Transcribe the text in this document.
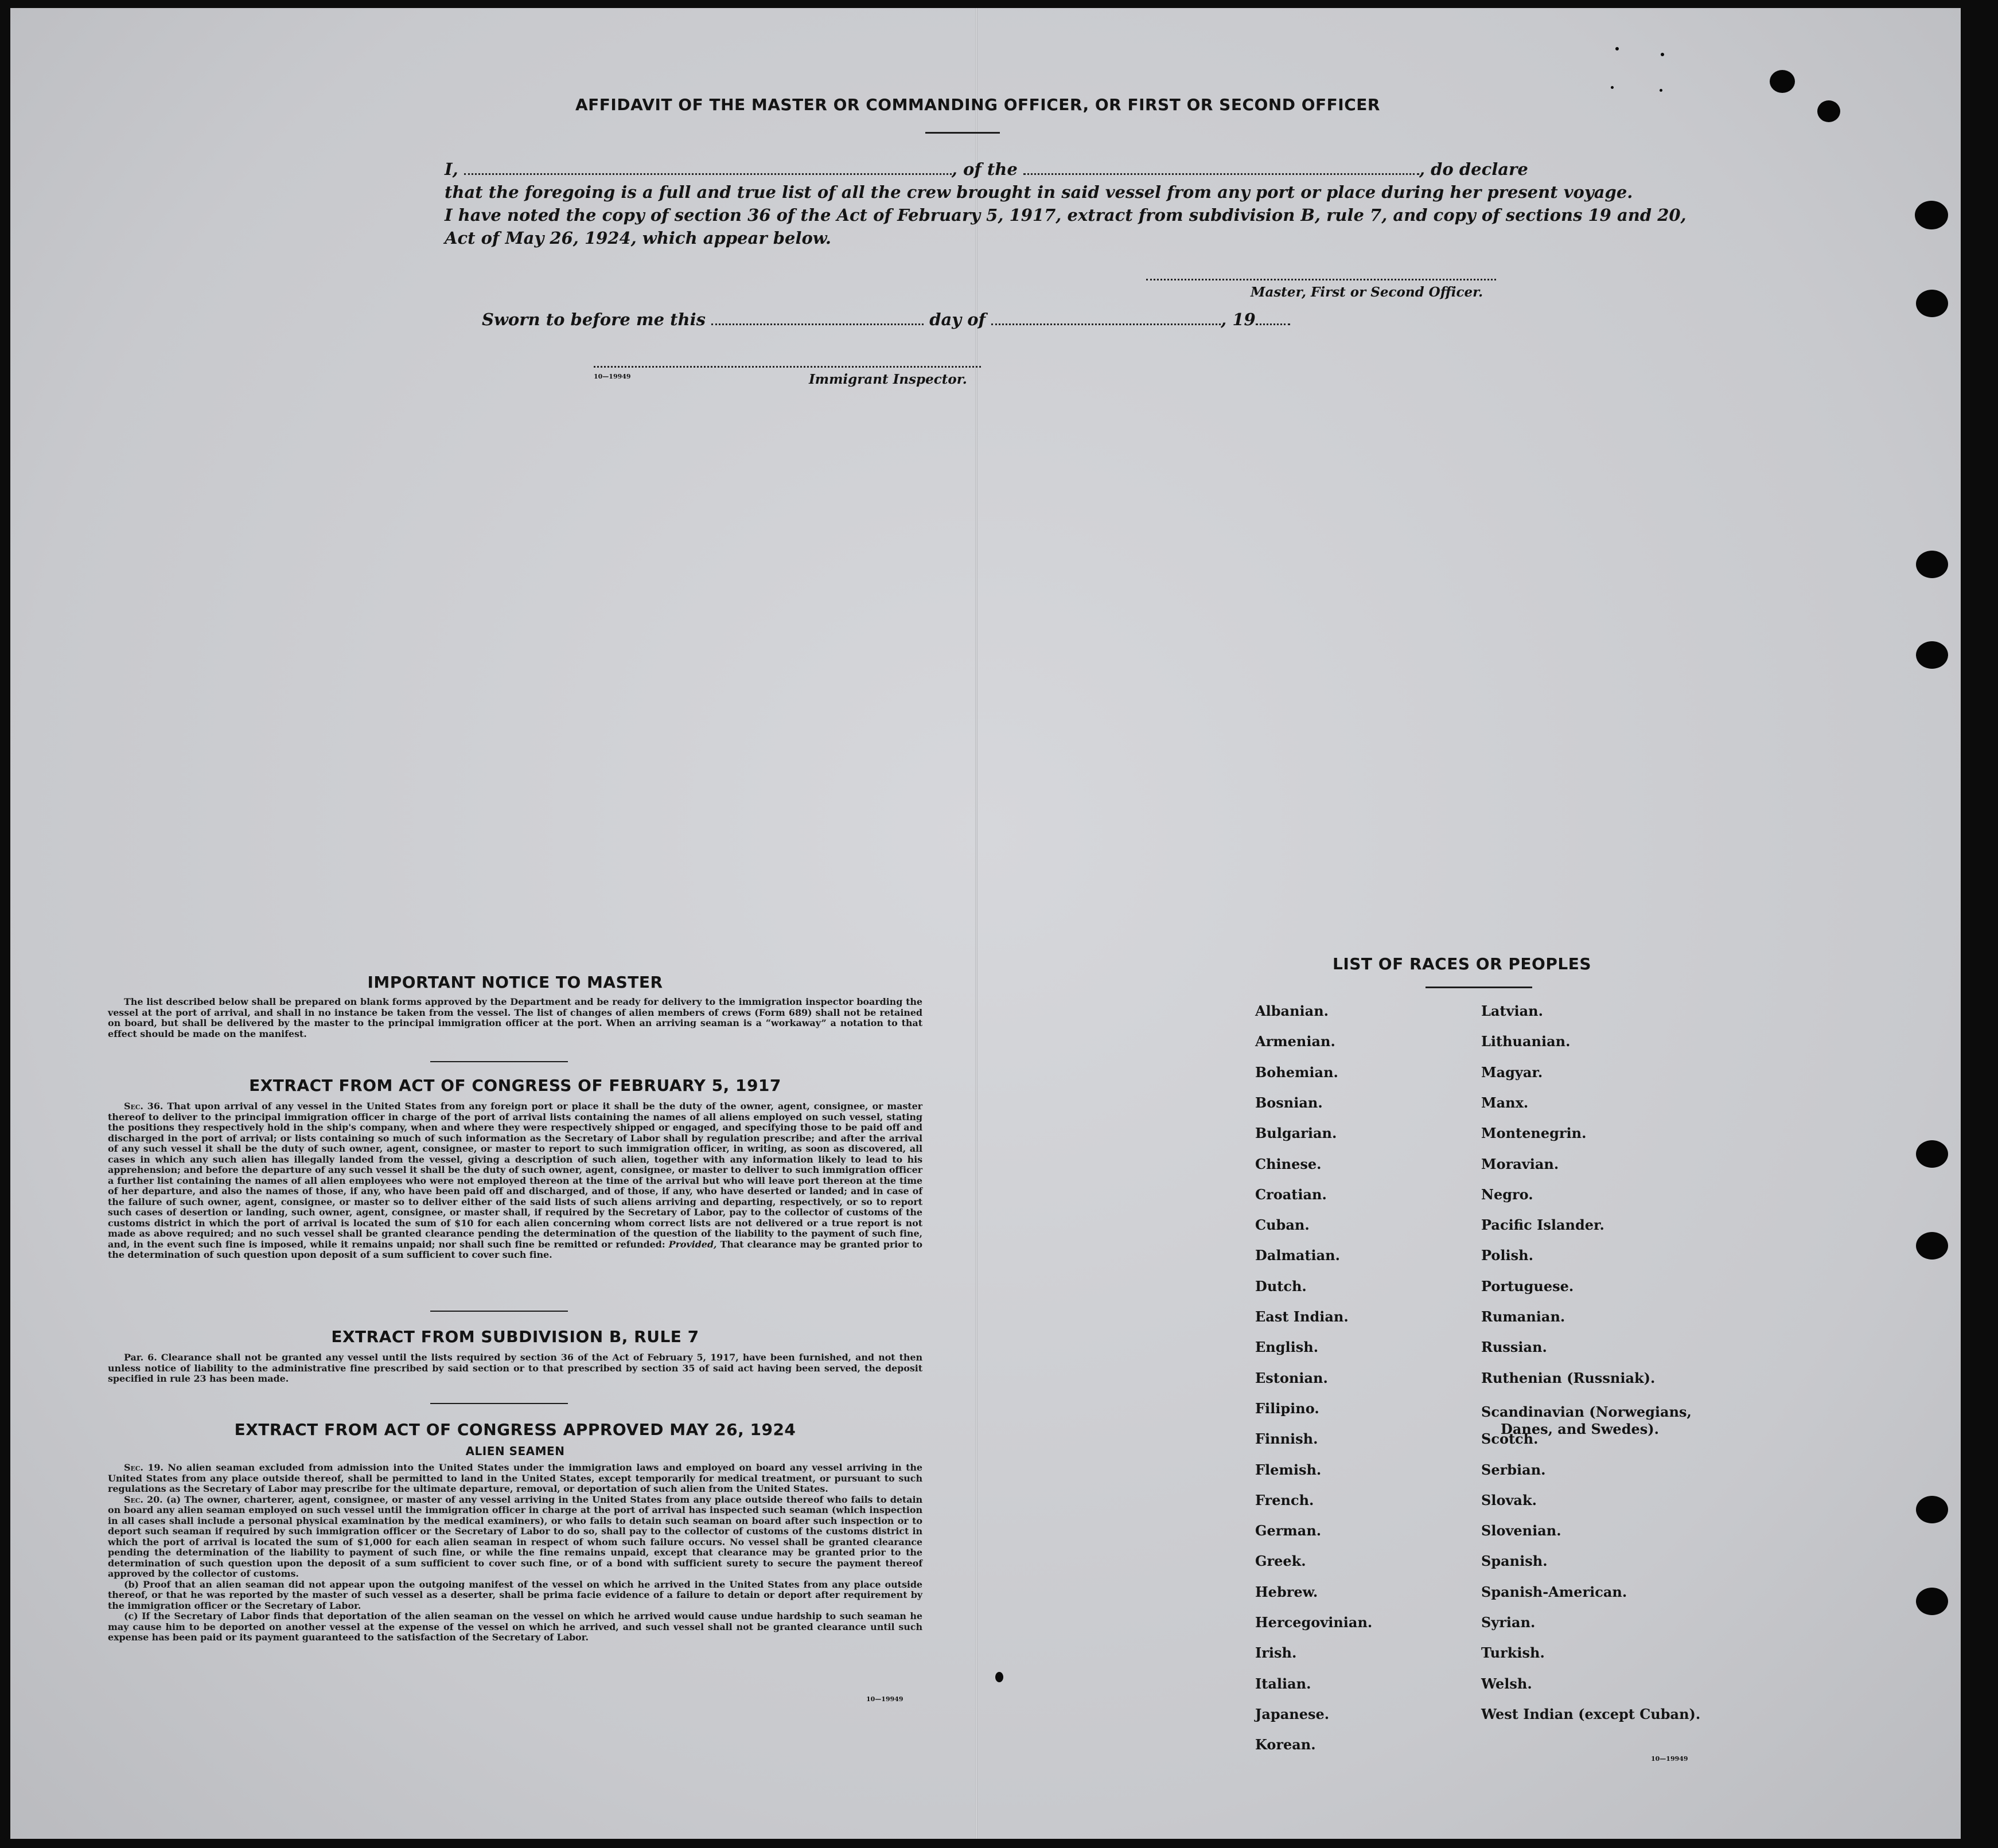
AFFIDAVIT OF THE MASTER OR COMMANDING OFFICER, OR FIRST OR SECOND OFFICER
I,	, of the	, do declare
that the foregoing is a full and true list of all the crew brought in said vessel from any port or place during her present voyage.
I have noted the copy of section 36 of the Act of February 5, 1917, extract from subdivision B, rule 7, and copy of sections 19 and 20,
Act of May 26, 1924, which appear below.
Master, First or Second Officer.
Sworn to before me this	day of	, 19
10—19949	Immigrant Inspector.
IMPORTANT NOTICE TO MASTER
The list described below shall be prepared on blank forms approved by the Department and be ready for delivery to the immigration inspector boarding the vessel at the port of arrival, and shall in no instance be taken from the vessel. The list of changes of alien members of crews (Form 689) shall not be retained on board, but shall be delivered by the master to the principal immigration officer at the port. When an arriving seaman is a “workaway” a notation to that effect should be made on the manifest.
EXTRACT FROM ACT OF CONGRESS OF FEBRUARY 5, 1917
Sec. 36. That upon arrival of any vessel in the United States from any foreign port or place it shall be the duty of the owner, agent, consignee, or master thereof to deliver to the principal immigration officer in charge of the port of arrival lists containing the names of all aliens employed on such vessel, stating the positions they respectively hold in the ship's company, when and where they were respectively shipped or engaged, and specifying those to be paid off and discharged in the port of arrival; or lists containing so much of such information as the Secretary of Labor shall by regulation prescribe; and after the arrival of any such vessel it shall be the duty of such owner, agent, consignee, or master to report to such immigration officer, in writing, as soon as discovered, all cases in which any such alien has illegally landed from the vessel, giving a description of such alien, together with any information likely to lead to his apprehension; and before the departure of any such vessel it shall be the duty of such owner, agent, consignee, or master to deliver to such immigration officer a further list containing the names of all alien employees who were not employed thereon at the time of the arrival but who will leave port thereon at the time of her departure, and also the names of those, if any, who have been paid off and discharged, and of those, if any, who have deserted or landed; and in case of the failure of such owner, agent, consignee, or master so to deliver either of the said lists of such aliens arriving and departing, respectively, or so to report such cases of desertion or landing, such owner, agent, consignee, or master shall, if required by the Secretary of Labor, pay to the collector of customs of the customs district in which the port of arrival is located the sum of $10 for each alien concerning whom correct lists are not delivered or a true report is not made as above required; and no such vessel shall be granted clearance pending the determination of the question of the liability to the payment of such fine, and, in the event such fine is imposed, while it remains unpaid; nor shall such fine be remitted or refunded: Provided, That clearance may be granted prior to the determination of such question upon deposit of a sum sufficient to cover such fine.
EXTRACT FROM SUBDIVISION B, RULE 7
Par. 6. Clearance shall not be granted any vessel until the lists required by section 36 of the Act of February 5, 1917, have been furnished, and not then unless notice of liability to the administrative fine prescribed by said section or to that prescribed by section 35 of said act having been served, the deposit specified in rule 23 has been made.
EXTRACT FROM ACT OF CONGRESS APPROVED MAY 26, 1924
ALIEN SEAMEN

Sec. 19. No alien seaman excluded from admission into the United States under the immigration laws and employed on board any vessel arriving in the United States from any place outside thereof, shall be permitted to land in the United States, except temporarily for medical treatment, or pursuant to such regulations as the Secretary of Labor may prescribe for the ultimate departure, removal, or deportation of such alien from the United States.

Sec. 20. (a) The owner, charterer, agent, consignee, or master of any vessel arriving in the United States from any place outside thereof who fails to detain on board any alien seaman employed on such vessel until the immigration officer in charge at the port of arrival has inspected such seaman (which inspection in all cases shall include a personal physical examination by the medical examiners), or who fails to detain such seaman on board after such inspection or to deport such seaman if required by such immigration officer or the Secretary of Labor to do so, shall pay to the collector of customs of the customs district in which the port of arrival is located the sum of $1,000 for each alien seaman in respect of whom such failure occurs. No vessel shall be granted clearance pending the determination of the liability to payment of such fine, or while the fine remains unpaid, except that clearance may be granted prior to the determination of such question upon the deposit of a sum sufficient to cover such fine, or of a bond with sufficient surety to secure the payment thereof approved by the collector of customs.

(b) Proof that an alien seaman did not appear upon the outgoing manifest of the vessel on which he arrived in the United States from any place outside thereof, or that he was reported by the master of such vessel as a deserter, shall be prima facie evidence of a failure to detain or deport after requirement by the immigration officer or the Secretary of Labor.

(c) If the Secretary of Labor finds that deportation of the alien seaman on the vessel on which he arrived would cause undue hardship to such seaman he may cause him to be deported on another vessel at the expense of the vessel on which he arrived, and such vessel shall not be granted clearance until such expense has been paid or its payment guaranteed to the satisfaction of the Secretary of Labor.

10—19949
LIST OF RACES OR PEOPLES
Albanian.
Armenian.
Bohemian.
Bosnian.
Bulgarian.
Chinese.
Croatian.
Cuban.
Dalmatian.
Dutch.
East Indian.
English.
Estonian.
Filipino.
Finnish.
Flemish.
French.
German.
Greek.
Hebrew.
Hercegovinian.
Irish.
Italian.
Japanese.
Korean.
Latvian.
Lithuanian.
Magyar.
Manx.
Montenegrin.
Moravian.
Negro.
Pacific Islander.
Polish.
Portuguese.
Rumanian.
Russian.
Ruthenian (Russniak).
Scandinavian (Norwegians,
Danes, and Swedes).
Scotch.
Serbian.
Slovak.
Slovenian.
Spanish.
Spanish-American.
Syrian.
Turkish.
Welsh.
West Indian (except Cuban).
10—19949
